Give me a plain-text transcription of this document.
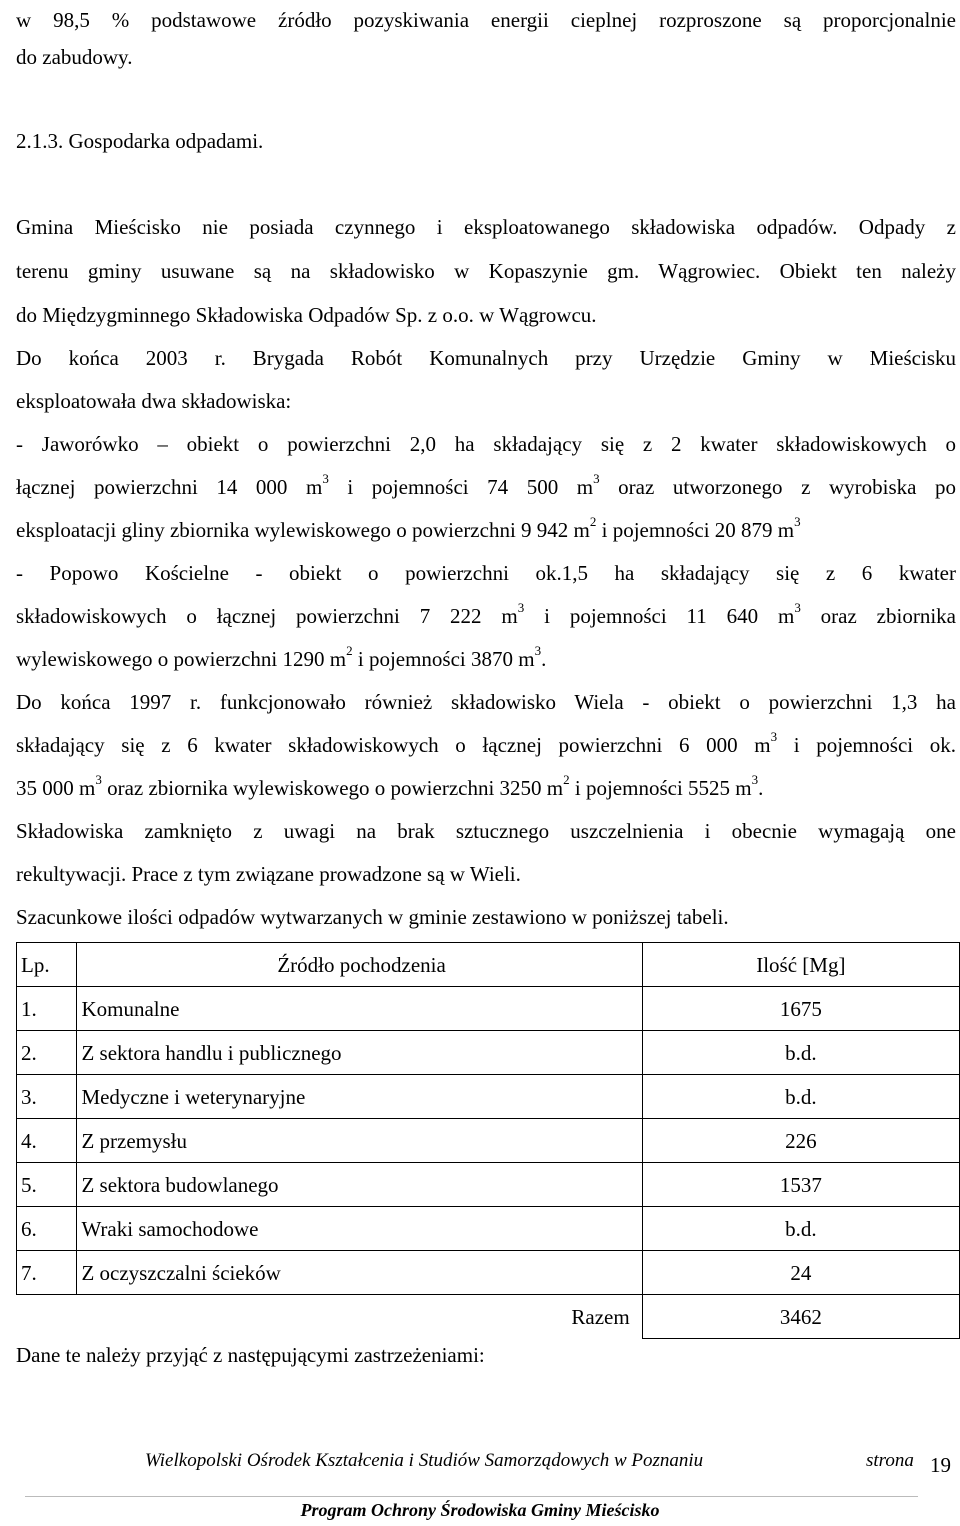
w 98,5 % podstawowe źródło pozyskiwania energii cieplnej rozproszone są proporcjonalnie
do zabudowy.
2.1.3. Gospodarka odpadami.
Gmina Mieścisko nie posiada czynnego i eksploatowanego składowiska odpadów. Odpady z
terenu gminy usuwane są na składowisko w Kopaszynie gm. Wągrowiec. Obiekt ten należy
do Międzygminnego Składowiska Odpadów Sp. z o.o. w Wągrowcu.
Do końca 2003 r. Brygada Robót Komunalnych przy Urzędzie Gminy w Mieścisku
eksploatowała dwa składowiska:
- Jaworówko – obiekt o powierzchni 2,0 ha składający się z 2 kwater składowiskowych o
łącznej powierzchni 14 000 $m^3$ i pojemności 74 500 $m^3$ oraz utworzonego z wyrobiska po
eksploatacji gliny zbiornika wylewiskowego o powierzchni 9 942 $m^2$ i pojemności 20 879 $m^3$
- Popowo Kościelne - obiekt o powierzchni ok.1,5 ha składający się z 6 kwater
składowiskowych o łącznej powierzchni 7 222 $m^3$ i pojemności 11 640 $m^3$ oraz zbiornika
wylewiskowego o powierzchni 1290 $m^2$ i pojemności 3870 $m^3$.
Do końca 1997 r. funkcjonowało również składowisko Wiela - obiekt o powierzchni 1,3 ha
składający się z 6 kwater składowiskowych o łącznej powierzchni 6 000 $m^3$ i pojemności ok.
35 000 $m^3$ oraz zbiornika wylewiskowego o powierzchni 3250 $m^2$ i pojemności 5525 $m^3$.
Składowiska zamknięto z uwagi na brak sztucznego uszczelnienia i obecnie wymagają one
rekultywacji. Prace z tym związane prowadzone są w Wieli.
Szacunkowe ilości odpadów wytwarzanych w gminie zestawiono w poniższej tabeli.
Lp.	Źródło pochodzenia	Ilość [Mg]
1.	Komunalne	1675
2.	Z sektora handlu i publicznego	b.d.
3.	Medyczne i weterynaryjne	b.d.
4.	Z przemysłu	226
5.	Z sektora budowlanego	1537
6.	Wraki samochodowe	b.d.
7.	Z oczyszczalni ścieków	24
	Razem	3462
Dane te należy przyjąć z następującymi zastrzeżeniami:
Wielkopolski Ośrodek Kształcenia i Studiów Samorządowych w Poznaniu	strona 19
Program Ochrony Środowiska Gminy Mieścisko
